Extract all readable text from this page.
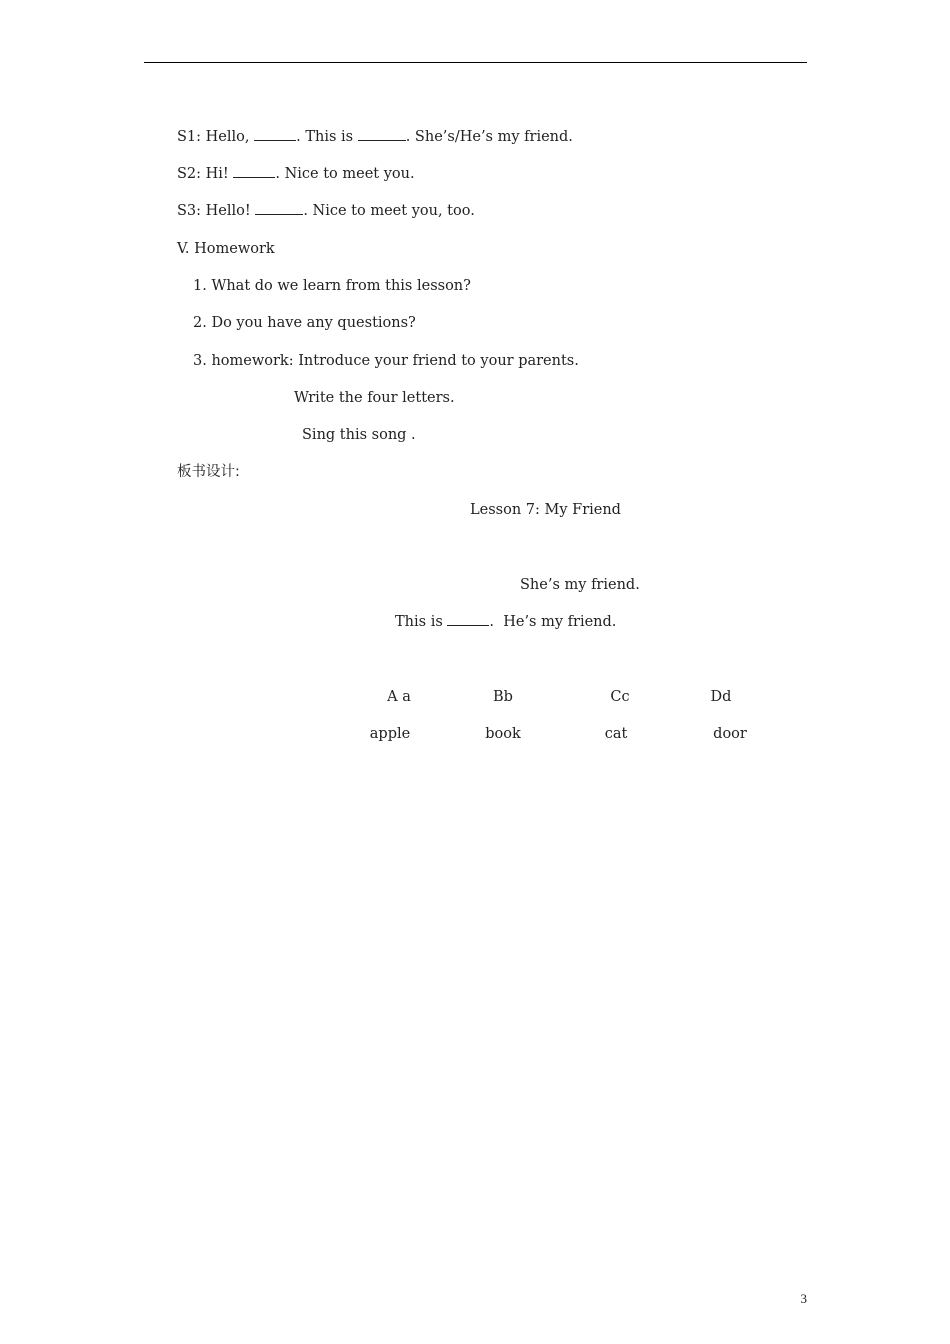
S1: Hello,	. This is	. She’s/He’s my friend.
S2: Hi!	. Nice to meet you.
S3: Hello!	. Nice to meet you, too.
V. Homework
1. What do we learn from this lesson?
2. Do you have any questions?
3. homework: Introduce your friend to your parents.
Write the four letters.
Sing this song .
板书设计:
Lesson 7: My Friend
She’s my friend.
This is	.  He’s my friend.
A a	Bb	Cc	Dd
apple	book	cat	door
3
